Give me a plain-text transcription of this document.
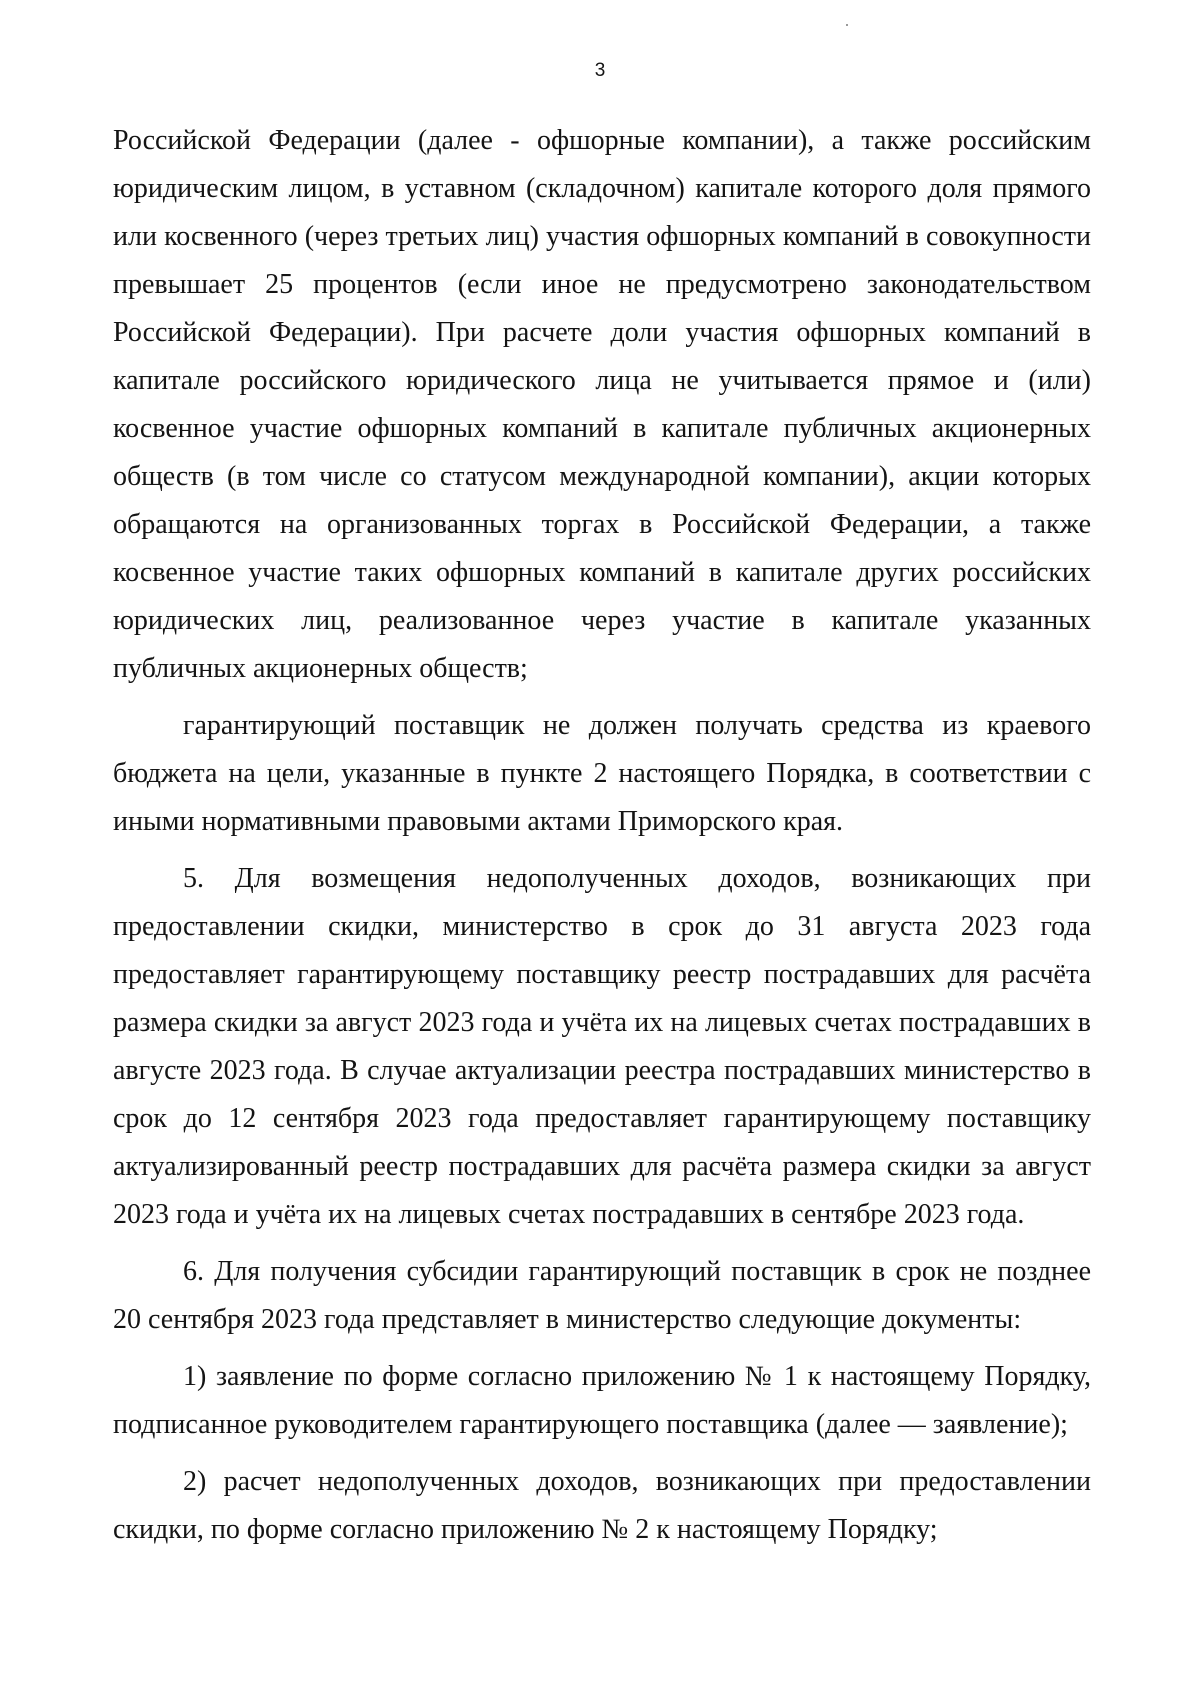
3

Российской Федерации (далее - офшорные компании), а также российским юридическим лицом, в уставном (складочном) капитале которого доля прямого или косвенного (через третьих лиц) участия офшорных компаний в совокупности превышает 25 процентов (если иное не предусмотрено законодательством Российской Федерации). При расчете доли участия офшорных компаний в капитале российского юридического лица не учитывается прямое и (или) косвенное участие офшорных компаний в капитале публичных акционерных обществ (в том числе со статусом международной компании), акции которых обращаются на организованных торгах в Российской Федерации, а также косвенное участие таких офшорных компаний в капитале других российских юридических лиц, реализованное через участие в капитале указанных публичных акционерных обществ;

гарантирующий поставщик не должен получать средства из краевого бюджета на цели, указанные в пункте 2 настоящего Порядка, в соответствии с иными нормативными правовыми актами Приморского края.

5. Для возмещения недополученных доходов, возникающих при предоставлении скидки, министерство в срок до 31 августа 2023 года предоставляет гарантирующему поставщику реестр пострадавших для расчёта размера скидки за август 2023 года и учёта их на лицевых счетах пострадавших в августе 2023 года. В случае актуализации реестра пострадавших министерство в срок до 12 сентября 2023 года предоставляет гарантирующему поставщику актуализированный реестр пострадавших для расчёта размера скидки за август 2023 года и учёта их на лицевых счетах пострадавших в сентябре 2023 года.

6. Для получения субсидии гарантирующий поставщик в срок не позднее 20 сентября 2023 года представляет в министерство следующие документы:

1) заявление по форме согласно приложению № 1 к настоящему Порядку, подписанное руководителем гарантирующего поставщика (далее — заявление);

2) расчет недополученных доходов, возникающих при предоставлении скидки, по форме согласно приложению № 2 к настоящему Порядку;
